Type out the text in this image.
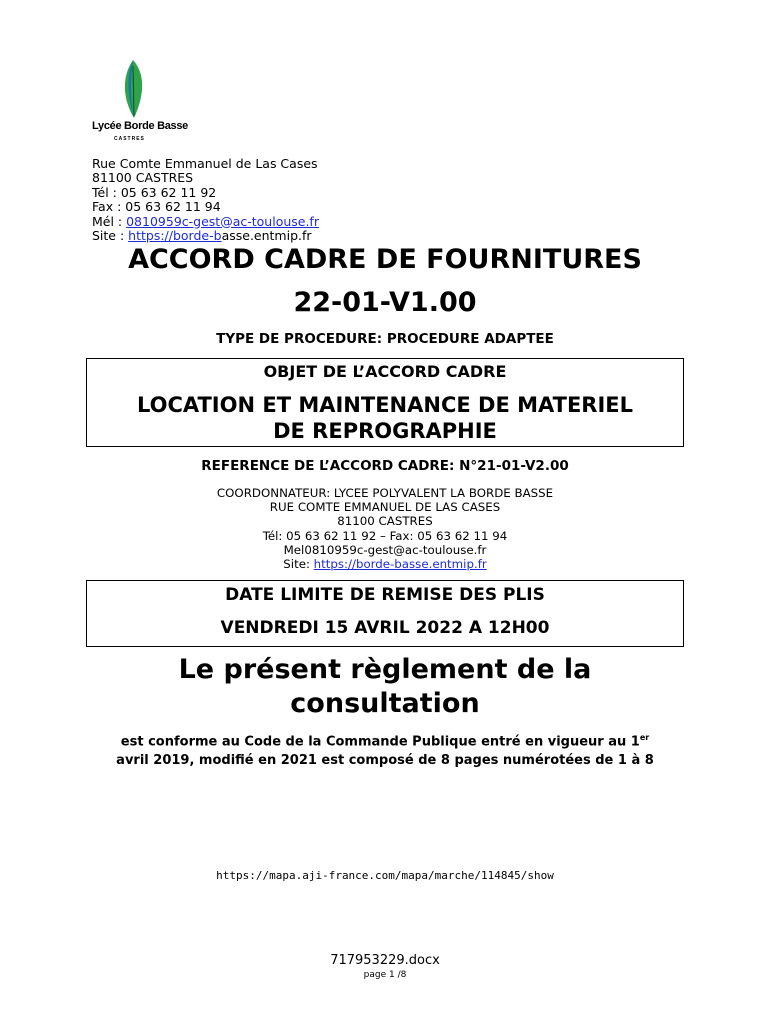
Lycée Borde Basse
CASTRES
Rue Comte Emmanuel de Las Cases
81100 CASTRES
Tél : 05 63 62 11 92
Fax : 05 63 62 11 94
Mél : 0810959c-gest@ac-toulouse.fr
Site : https://borde-basse.entmip.fr
ACCORD CADRE DE FOURNITURES
22-01-V1.00
TYPE DE PROCEDURE: PROCEDURE ADAPTEE
OBJET DE L’ACCORD CADRE
LOCATION ET MAINTENANCE DE MATERIEL
DE REPROGRAPHIE
REFERENCE DE L’ACCORD CADRE: N°21-01-V2.00
COORDONNATEUR: LYCEE POLYVALENT LA BORDE BASSE
RUE COMTE EMMANUEL DE LAS CASES
81100 CASTRES
Tél: 05 63 62 11 92 – Fax: 05 63 62 11 94
Mel0810959c-gest@ac-toulouse.fr
Site: https://borde-basse.entmip.fr
DATE LIMITE DE REMISE DES PLIS
VENDREDI 15 AVRIL 2022 A 12H00
Le présent règlement de la
consultation
est conforme au Code de la Commande Publique entré en vigueur au 1er
avril 2019, modifié en 2021 est composé de 8 pages numérotées de 1 à 8
https://mapa.aji-france.com/mapa/marche/114845/show
717953229.docx
page 1 /8
